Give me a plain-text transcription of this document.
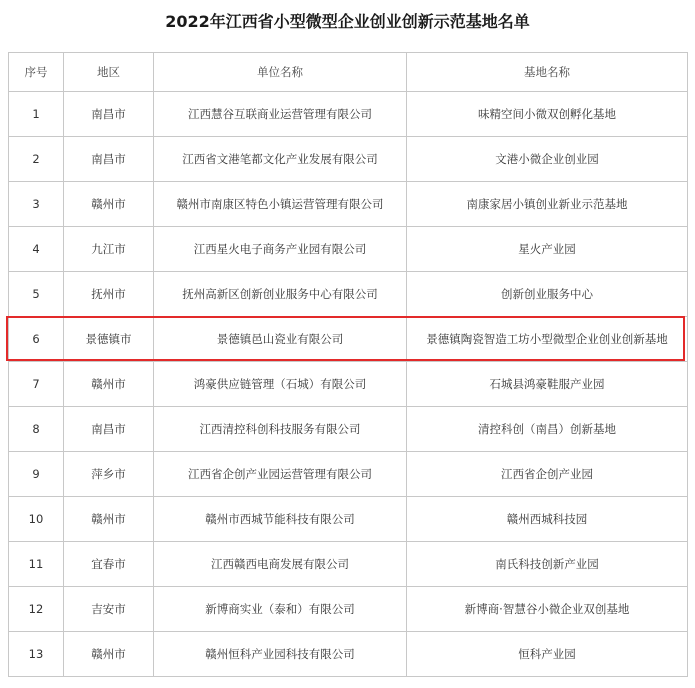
2022年江西省小型微型企业创业创新示范基地名单
序号	地区	单位名称	基地名称
1	南昌市	江西慧谷互联商业运营管理有限公司	味精空间小微双创孵化基地
2	南昌市	江西省文港笔都文化产业发展有限公司	文港小微企业创业园
3	赣州市	赣州市南康区特色小镇运营管理有限公司	南康家居小镇创业新业示范基地
4	九江市	江西星火电子商务产业园有限公司	星火产业园
5	抚州市	抚州高新区创新创业服务中心有限公司	创新创业服务中心
6	景德镇市	景德镇邑山瓷业有限公司	景德镇陶瓷智造工坊小型微型企业创业创新基地
7	赣州市	鸿豪供应链管理（石城）有限公司	石城县鸿豪鞋服产业园
8	南昌市	江西清控科创科技服务有限公司	清控科创（南昌）创新基地
9	萍乡市	江西省企创产业园运营管理有限公司	江西省企创产业园
10	赣州市	赣州市西城节能科技有限公司	赣州西城科技园
11	宜春市	江西赣西电商发展有限公司	南氏科技创新产业园
12	吉安市	新博商实业（泰和）有限公司	新博商·智慧谷小微企业双创基地
13	赣州市	赣州恒科产业园科技有限公司	恒科产业园
